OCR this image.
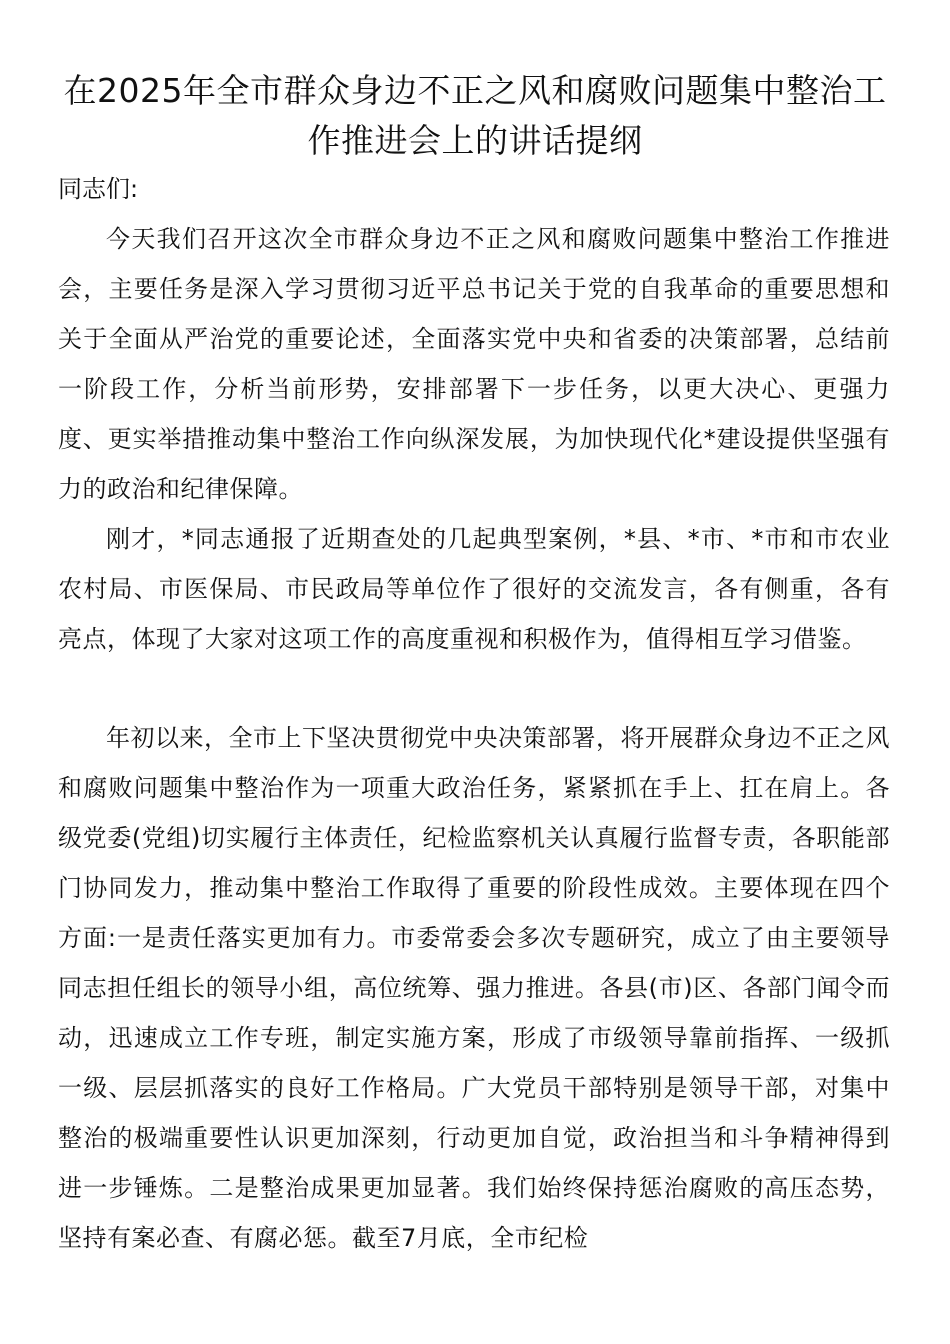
在2025年全市群众身边不正之风和腐败问题集中整治工作推进会上的讲话提纲

同志们:

今天我们召开这次全市群众身边不正之风和腐败问题集中整治工作推进会，主要任务是深入学习贯彻习近平总书记关于党的自我革命的重要思想和关于全面从严治党的重要论述，全面落实党中央和省委的决策部署，总结前一阶段工作，分析当前形势，安排部署下一步任务，以更大决心、更强力度、更实举措推动集中整治工作向纵深发展，为加快现代化*建设提供坚强有力的政治和纪律保障。

刚才，*同志通报了近期查处的几起典型案例，*县、*市、*市和市农业农村局、市医保局、市民政局等单位作了很好的交流发言，各有侧重，各有亮点，体现了大家对这项工作的高度重视和积极作为，值得相互学习借鉴。

年初以来，全市上下坚决贯彻党中央决策部署，将开展群众身边不正之风和腐败问题集中整治作为一项重大政治任务，紧紧抓在手上、扛在肩上。各级党委(党组)切实履行主体责任，纪检监察机关认真履行监督专责，各职能部门协同发力，推动集中整治工作取得了重要的阶段性成效。主要体现在四个方面:一是责任落实更加有力。市委常委会多次专题研究，成立了由主要领导同志担任组长的领导小组，高位统筹、强力推进。各县(市)区、各部门闻令而动，迅速成立工作专班，制定实施方案，形成了市级领导靠前指挥、一级抓一级、层层抓落实的良好工作格局。广大党员干部特别是领导干部，对集中整治的极端重要性认识更加深刻，行动更加自觉，政治担当和斗争精神得到进一步锤炼。二是整治成果更加显著。我们始终保持惩治腐败的高压态势，坚持有案必查、有腐必惩。截至7月底，全市纪检
